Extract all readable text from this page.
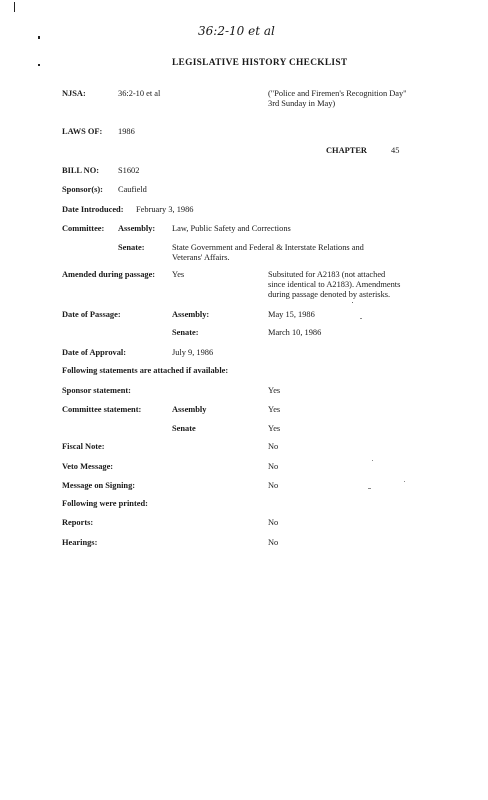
36:2-10 et al
LEGISLATIVE HISTORY CHECKLIST
NJSA:	36:2-10 et al	("Police and Firemen's Recognition Day"
3rd Sunday in May)
LAWS OF: 1986
CHAPTER	45
BILL NO: S1602
Sponsor(s): Caufield
Date Introduced: February 3, 1986
Committee: Assembly: Law, Public Safety and Corrections
Senate:	State Government and Federal & Interstate Relations and
Veterans' Affairs.
Amended during passage: Yes	Subsituted for A2183 (not attached
since identical to A2183). Amendments
during passage denoted by asterisks.
Date of Passage:	Assembly:	May 15, 1986
Senate:	March 10, 1986
Date of Approval:	July 9, 1986
Following statements are attached if available:
Sponsor statement:	Yes
Committee statement:	Assembly	Yes
Senate	Yes
Fiscal Note:	No
Veto Message:	No
Message on Signing:	No
Following were printed:
Reports:	No
Hearings:	No
